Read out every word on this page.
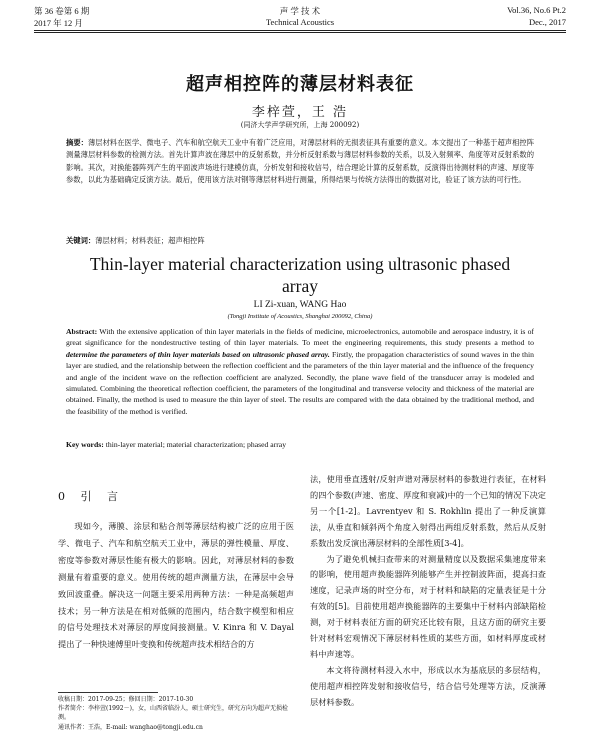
第 36 卷第 6 期	声 学 技 术	Vol.36, No.6 Pt.2
2017 年 12 月	Technical Acoustics	Dec., 2017
超声相控阵的薄层材料表征
李梓萱，王 浩
(同济大学声学研究所，上海 200092)
摘要：薄层材料在医学、微电子、汽车和航空航天工业中有着广泛应用，对薄层材料的无损表征具有重要的意义。本文提出了一种基于超声相控阵测量薄层材料参数的检测方法。首先计算声波在薄层中的反射系数，并分析反射系数与薄层材料参数的关系，以及入射频率、角度等对反射系数的影响。其次，对换能器阵列产生的平面波声场进行建模仿真，分析发射和接收信号，结合理论计算的反射系数，反演得出待测材料的声速、厚度等参数，以此为基础确定反演方法。最后，使用该方法对钢等薄层材料进行测量，所得结果与传统方法得出的数据对比，验证了该方法的可行性。
关键词：薄层材料；材料表征；超声相控阵
Thin-layer material characterization using ultrasonic phased array
LI Zi-xuan, WANG Hao
(Tongji Institute of Acoustics, Shanghai 200092, China)
Abstract: With the extensive application of thin layer materials in the fields of medicine, microelectronics, automobile and aerospace industry, it is of great significance for the nondestructive testing of thin layer materials. To meet the engineering requirements, this study presents a method to determine the parameters of thin layer materials based on ultrasonic phased array. Firstly, the propagation characteristics of sound waves in the thin layer are studied, and the relationship between the reflection coefficient and the parameters of the thin layer material and the influence of the frequency and angle of the incident wave on the reflection coefficient are analyzed. Secondly, the plane wave field of the transducer array is modeled and simulated. Combining the theoretical reflection coefficient, the parameters of the longitudinal and transverse velocity and thickness of the material are obtained. Finally, the method is used to measure the thin layer of steel. The results are compared with the data obtained by the traditional method, and the feasibility of the method is verified.
Key words: thin-layer material; material characterization; phased array
0 引 言

现如今，薄膜、涂层和粘合剂等薄层结构被广泛的应用于医学、微电子、汽车和航空航天工业中，薄层的弹性模量、厚度、密度等参数对薄层性能有极大的影响。因此，对薄层材料的参数测量有着重要的意义。使用传统的超声测量方法，在薄层中会导致回波重叠。解决这一问题主要采用两种方法：一种是高频超声技术；另一种方法是在相对低频的范围内，结合数字模型和相应的信号处理技术对薄层的厚度间接测量。V. Kinra 和 V. Dayal 提出了一种快速傅里叶变换和传统超声技术相结合的方

法，使用垂直透射/反射声谱对薄层材料的参数进行表征，在材料的四个参数(声速、密度、厚度和衰减)中的一个已知的情况下决定另一个[1-2]。Lavrentyev 和 S. Rokhlin 提出了一种反演算法，从垂直和倾斜两个角度入射得出两组反射系数，然后从反射系数出发反演出薄层材料的全部性质[3-4]。

为了避免机械扫查带来的对测量精度以及数据采集速度带来的影响，使用超声换能器阵列能够产生并控制波阵面，提高扫查速度，记录声场的时空分布，对于材料和缺陷的定量表征是十分有效的[5]。目前使用超声换能器阵的主要集中于材料内部缺陷检测，对于材料表征方面的研究还比较有限，且这方面的研究主要针对材料宏观情况下薄层材料性质的某些方面，如材料厚度或材料中声速等。

本文将待测材料浸入水中，形成以水为基底层的多层结构，使用超声相控阵发射和接收信号，结合信号处理等方法，反演薄层材料参数。

收稿日期：2017-09-25；修回日期：2017-10-30
作者简介：李梓萱(1992－)，女，山西省临汾人，硕士研究生，研究方向为超声无损检测。
通讯作者：王浩，E-mail: wanghao@tongji.edu.cn
